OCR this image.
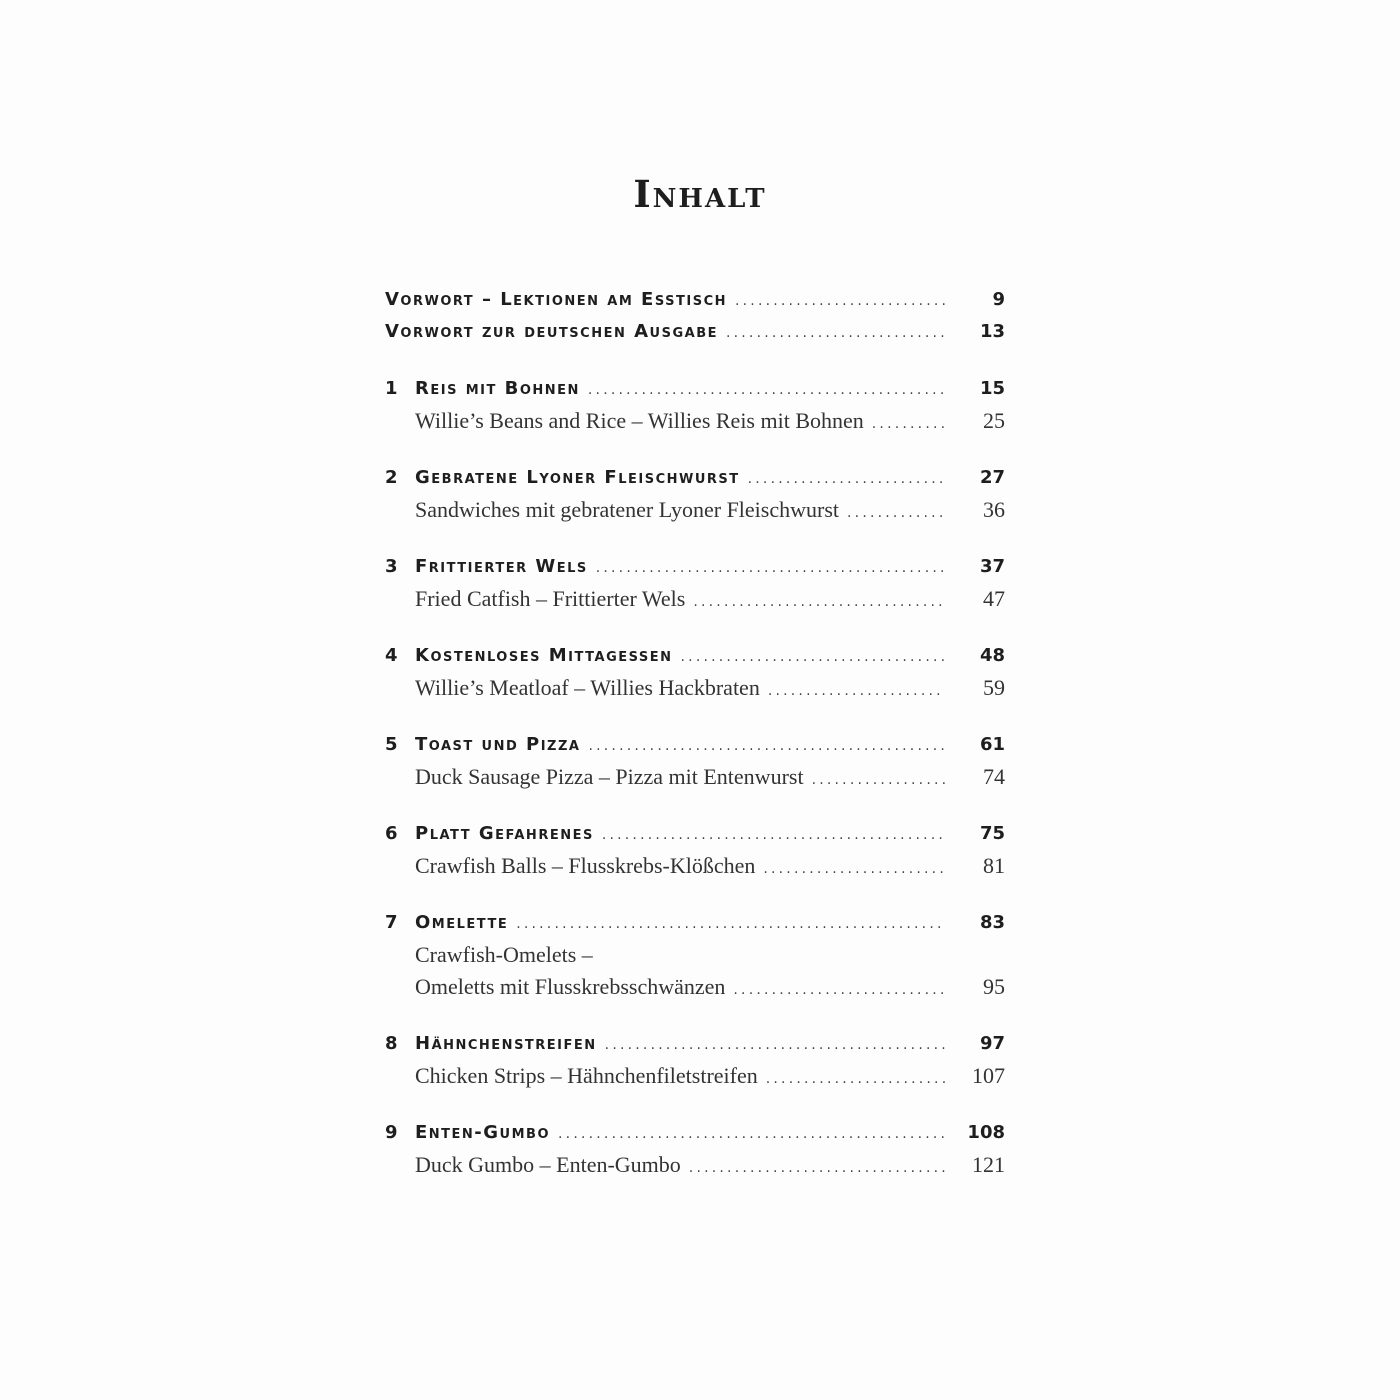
Inhalt
Vorwort – Lektionen am Esstisch .....	9
Vorwort zur deutschen Ausgabe .....	13
1 Reis mit Bohnen .....	15
Willie’s Beans and Rice – Willies Reis mit Bohnen .....	25
2 Gebratene Lyoner Fleischwurst .....	27
Sandwiches mit gebratener Lyoner Fleischwurst .....	36
3 Frittierter Wels .....	37
Fried Catfish – Frittierter Wels .....	47
4 Kostenloses Mittagessen .....	48
Willie’s Meatloaf – Willies Hackbraten .....	59
5 Toast und Pizza .....	61
Duck Sausage Pizza – Pizza mit Entenwurst .....	74
6 Platt Gefahrenes .....	75
Crawfish Balls – Flusskrebs-Klößchen .....	81
7 Omelette .....	83
Crawfish-Omelets –
Omeletts mit Flusskrebsschwänzen .....	95
8 Hähnchenstreifen .....	97
Chicken Strips – Hähnchenfiletstreifen .....	107
9 Enten-Gumbo .....	108
Duck Gumbo – Enten-Gumbo .....	121
